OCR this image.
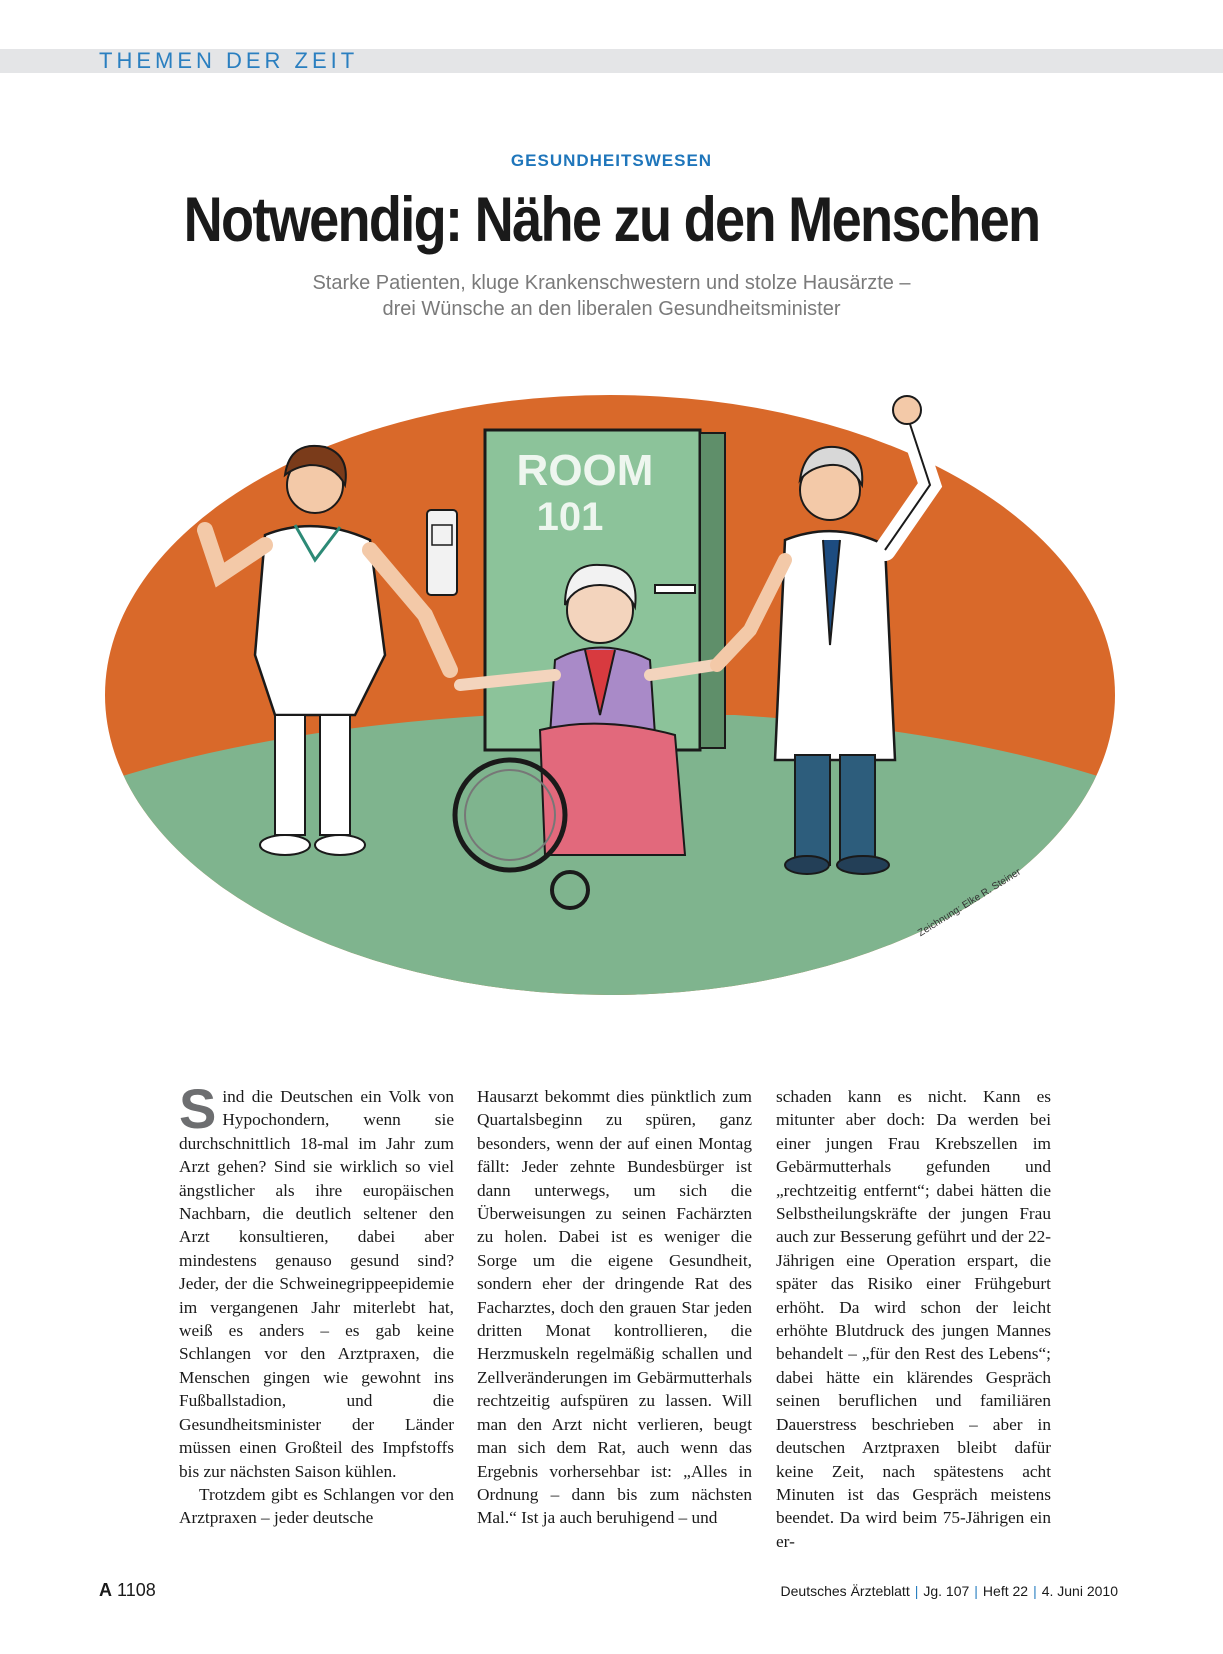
THEMEN DER ZEIT
GESUNDHEITSWESEN
Notwendig: Nähe zu den Menschen
Starke Patienten, kluge Krankenschwestern und stolze Hausärzte –
drei Wünsche an den liberalen Gesundheitsminister
ROOM
101
Zeichnung: Elke R. Steiner

Sind die Deutschen ein Volk von Hypochondern, wenn sie durchschnittlich 18-mal im Jahr zum Arzt gehen? Sind sie wirklich so viel ängstlicher als ihre europäischen Nachbarn, die deutlich seltener den Arzt konsultieren, dabei aber mindestens genauso gesund sind? Jeder, der die Schweinegrippeepidemie im vergangenen Jahr miterlebt hat, weiß es anders – es gab keine Schlangen vor den Arztpraxen, die Menschen gingen wie gewohnt ins Fußballstadion, und die Gesundheitsminister der Länder müssen einen Großteil des Impfstoffs bis zur nächsten Saison kühlen.

Trotzdem gibt es Schlangen vor den Arztpraxen – jeder deutsche

Hausarzt bekommt dies pünktlich zum Quartalsbeginn zu spüren, ganz besonders, wenn der auf einen Montag fällt: Jeder zehnte Bundesbürger ist dann unterwegs, um sich die Überweisungen zu seinen Fachärzten zu holen. Dabei ist es weniger die Sorge um die eigene Gesundheit, sondern eher der dringende Rat des Facharztes, doch den grauen Star jeden dritten Monat kontrollieren, die Herzmuskeln regelmäßig schallen und Zellveränderungen im Gebärmutterhals rechtzeitig aufspüren zu lassen. Will man den Arzt nicht verlieren, beugt man sich dem Rat, auch wenn das Ergebnis vorhersehbar ist: „Alles in Ordnung – dann bis zum nächsten Mal.“ Ist ja auch beruhigend – und

schaden kann es nicht. Kann es mitunter aber doch: Da werden bei einer jungen Frau Krebszellen im Gebärmutterhals gefunden und „rechtzeitig entfernt“; dabei hätten die Selbstheilungskräfte der jungen Frau auch zur Besserung geführt und der 22-Jährigen eine Operation erspart, die später das Risiko einer Frühgeburt erhöht. Da wird schon der leicht erhöhte Blutdruck des jungen Mannes behandelt – „für den Rest des Lebens“; dabei hätte ein klärendes Gespräch seinen beruflichen und familiären Dauerstress beschrieben – aber in deutschen Arztpraxen bleibt dafür keine Zeit, nach spätestens acht Minuten ist das Gespräch meistens beendet. Da wird beim 75-Jährigen ein er-

A 1108	Deutsches Ärzteblatt | Jg. 107 | Heft 22 | 4. Juni 2010
